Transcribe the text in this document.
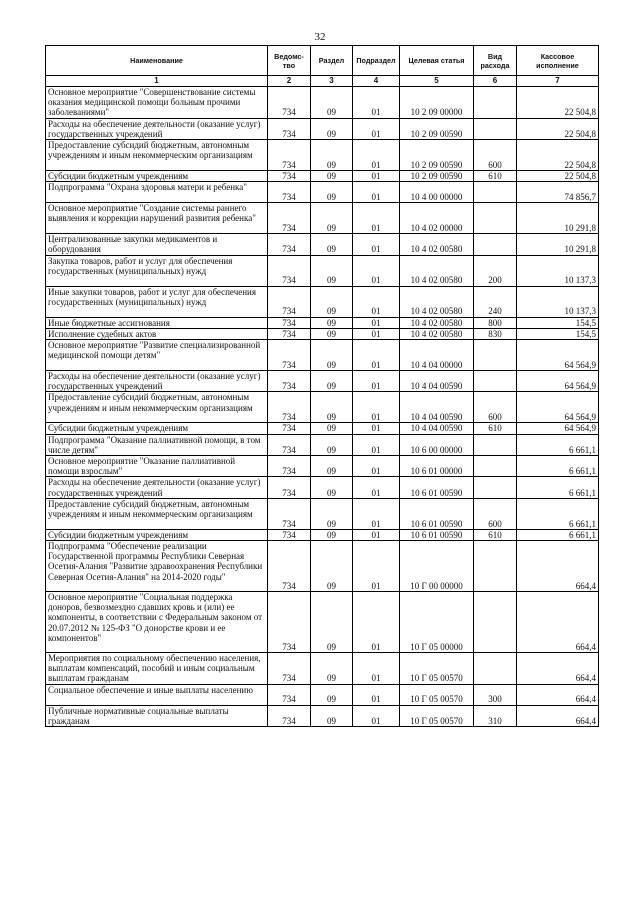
32
Наименование	Ведомс-тво	Раздел	Подраздел	Целевая статья	Вид расхода	Кассовое исполнение
1	2	3	4	5	6	7
Основное мероприятие "Совершенствование системы оказания медицинской помощи больным прочими заболеваниями"	734	09	01	10 2 09 00000		22 504,8
Расходы на обеспечение деятельности (оказание услуг) государственных учреждений	734	09	01	10 2 09 00590		22 504,8
Предоставление субсидий бюджетным, автономным учреждениям и иным некоммерческим организациям	734	09	01	10 2 09 00590	600	22 504,8
Субсидии бюджетным учреждениям	734	09	01	10 2 09 00590	610	22 504,8
Подпрограмма "Охрана здоровья матери и ребенка"	734	09	01	10 4 00 00000		74 856,7
Основное мероприятие "Создание системы раннего выявления и коррекции нарушений развития ребенка"	734	09	01	10 4 02 00000		10 291,8
Централизованные закупки медикаментов и оборудования	734	09	01	10 4 02 00580		10 291,8
Закупка товаров, работ и услуг для обеспечения государственных (муниципальных) нужд	734	09	01	10 4 02 00580	200	10 137,3
Иные закупки товаров, работ и услуг для обеспечения государственных (муниципальных) нужд	734	09	01	10 4 02 00580	240	10 137,3
Иные бюджетные ассигнования	734	09	01	10 4 02 00580	800	154,5
Исполнение судебных актов	734	09	01	10 4 02 00580	830	154,5
Основное мероприятие "Развитие специализированной медицинской помощи детям"	734	09	01	10 4 04 00000		64 564,9
Расходы на обеспечение деятельности (оказание услуг) государственных учреждений	734	09	01	10 4 04 00590		64 564,9
Предоставление субсидий бюджетным, автономным учреждениям и иным некоммерческим организациям	734	09	01	10 4 04 00590	600	64 564,9
Субсидии бюджетным учреждениям	734	09	01	10 4 04 00590	610	64 564,9
Подпрограмма "Оказание паллиативной помощи, в том числе детям"	734	09	01	10 6 00 00000		6 661,1
Основное мероприятие "Оказание паллиативной помощи взрослым"	734	09	01	10 6 01 00000		6 661,1
Расходы на обеспечение деятельности (оказание услуг) государственных учреждений	734	09	01	10 6 01 00590		6 661,1
Предоставление субсидий бюджетным, автономным учреждениям и иным некоммерческим организациям	734	09	01	10 6 01 00590	600	6 661,1
Субсидии бюджетным учреждениям	734	09	01	10 6 01 00590	610	6 661,1
Подпрограмма "Обеспечение реализации Государственной программы Республики Северная Осетия-Алания "Развитие здравоохранения Республики Северная Осетия-Алания" на 2014-2020 годы"	734	09	01	10 Г 00 00000		664,4
Основное мероприятие "Социальная поддержка доноров, безвозмездно сдавших кровь и (или) ее компоненты, в соответствии с Федеральным законом от 20.07.2012 № 125-ФЗ "О донорстве крови и ее компонентов"	734	09	01	10 Г 05 00000		664,4
Мероприятия по социальному обеспечению населения, выплатам компенсаций, пособий и иным социальным выплатам гражданам	734	09	01	10 Г 05 00570		664,4
Социальное обеспечение и иные выплаты населению	734	09	01	10 Г 05 00570	300	664,4
Публичные нормативные социальные выплаты гражданам	734	09	01	10 Г 05 00570	310	664,4
